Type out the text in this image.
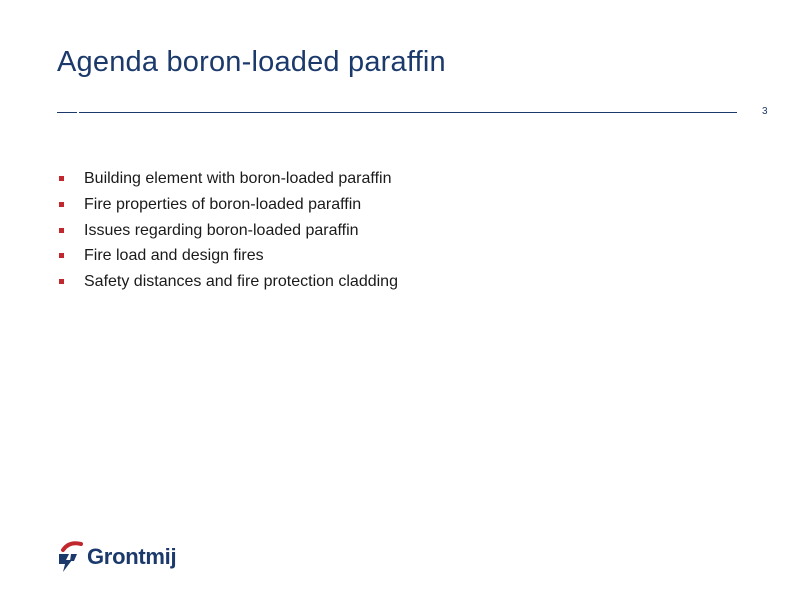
Agenda boron-loaded paraffin
3
Building element with boron-loaded paraffin
Fire properties of boron-loaded paraffin
Issues regarding boron-loaded paraffin
Fire load and design fires
Safety distances and fire protection cladding
Grontmij
